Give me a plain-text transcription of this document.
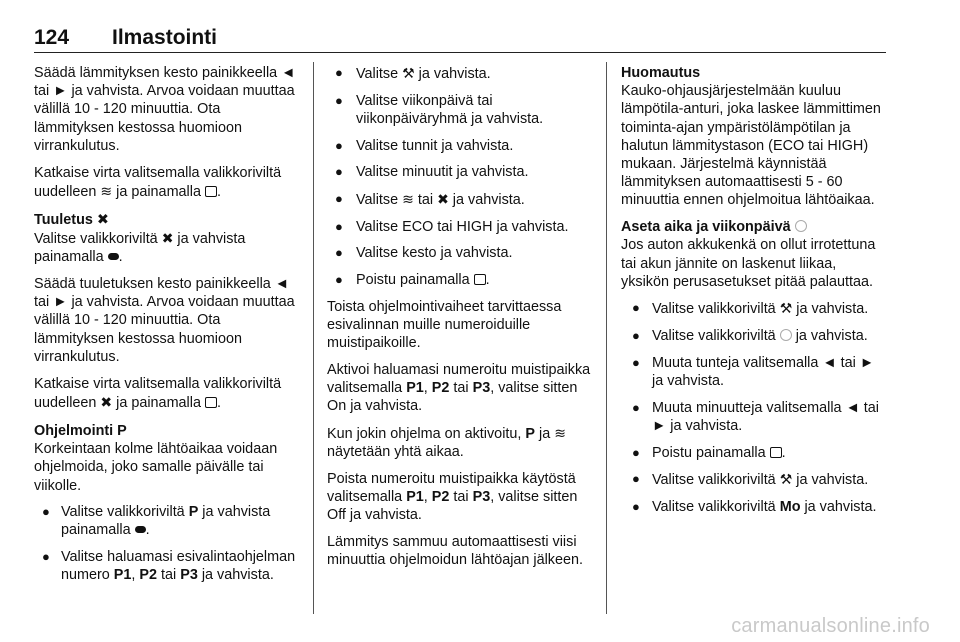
124 Ilmastointi

Säädä lämmityksen kesto painikkeella ◄ tai ► ja vahvista. Arvoa voidaan muuttaa välillä 10 - 120 minuuttia. Ota lämmityksen kestossa huomioon virrankulutus.

Katkaise virta valitsemalla valikkoriviltä uudelleen ≋ ja painamalla .

Tuuletus ✖

Valitse valikkoriviltä ✖ ja vahvista painamalla .

Säädä tuuletuksen kesto painikkeella ◄ tai ► ja vahvista. Arvoa voidaan muuttaa välillä 10 - 120 minuuttia. Ota lämmityksen kestossa huomioon virrankulutus.

Katkaise virta valitsemalla valikkoriviltä uudelleen ✖ ja painamalla .

Ohjelmointi P

Korkeintaan kolme lähtöaikaa voidaan ohjelmoida, joko samalle päivälle tai viikolle.

● Valitse valikkoriviltä P ja vahvista painamalla .
● Valitse haluamasi esivalintaohjelman numero P1, P2 tai P3 ja vahvista.
● Valitse ⚒ ja vahvista.
● Valitse viikonpäivä tai viikonpäiväryhmä ja vahvista.
● Valitse tunnit ja vahvista.
● Valitse minuutit ja vahvista.
● Valitse ≋ tai ✖ ja vahvista.
● Valitse ECO tai HIGH ja vahvista.
● Valitse kesto ja vahvista.
● Poistu painamalla .

Toista ohjelmointivaiheet tarvittaessa esivalinnan muille numeroiduille muistipaikoille.

Aktivoi haluamasi numeroitu muistipaikka valitsemalla P1, P2 tai P3, valitse sitten On ja vahvista.

Kun jokin ohjelma on aktivoitu, P ja ≋ näytetään yhtä aikaa.

Poista numeroitu muistipaikka käytöstä valitsemalla P1, P2 tai P3, valitse sitten Off ja vahvista.

Lämmitys sammuu automaattisesti viisi minuuttia ohjelmoidun lähtöajan jälkeen.

Huomautus

Kauko-ohjausjärjestelmään kuuluu lämpötila-anturi, joka laskee lämmittimen toiminta-ajan ympäristölämpötilan ja halutun lämmitystason (ECO tai HIGH) mukaan. Järjestelmä käynnistää lämmityksen automaattisesti 5 - 60 minuuttia ennen ohjelmoitua lähtöaikaa.

Aseta aika ja viikonpäivä

Jos auton akkukenkä on ollut irrotettuna tai akun jännite on laskenut liikaa, yksikön perusasetukset pitää palauttaa.

● Valitse valikkoriviltä ⚒ ja vahvista.
● Valitse valikkoriviltä  ja vahvista.
● Muuta tunteja valitsemalla ◄ tai ► ja vahvista.
● Muuta minuutteja valitsemalla ◄ tai ► ja vahvista.
● Poistu painamalla .
● Valitse valikkoriviltä ⚒ ja vahvista.
● Valitse valikkoriviltä Mo ja vahvista.
carmanualsonline.info
